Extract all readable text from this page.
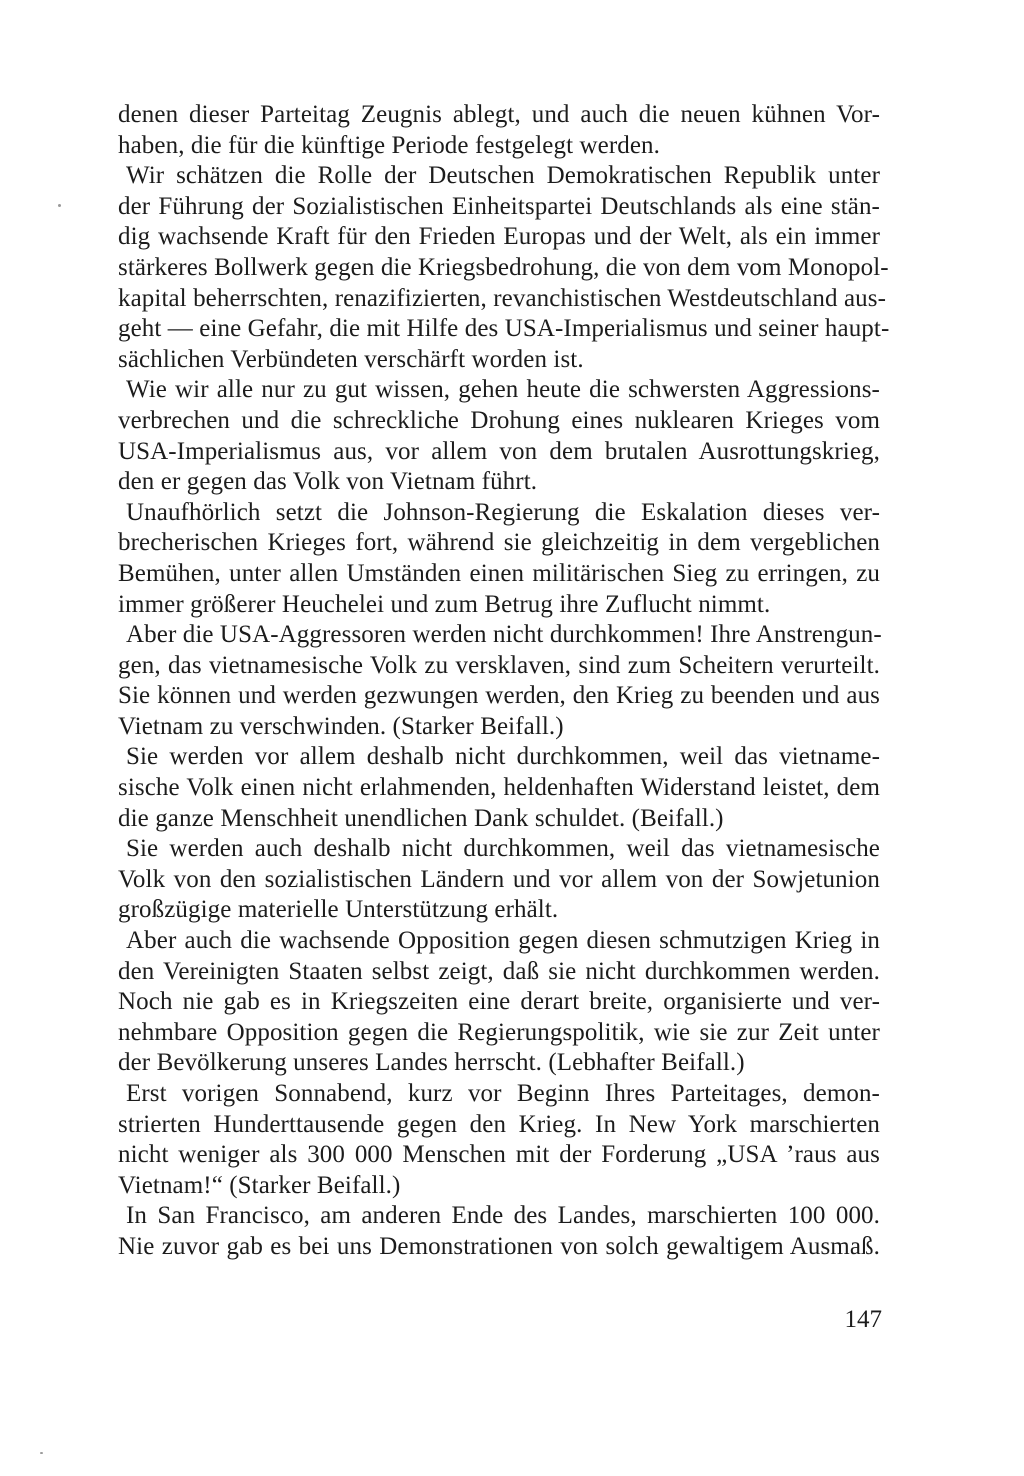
denen dieser Parteitag Zeugnis ablegt, und auch die neuen kühnen Vor-
haben, die für die künftige Periode festgelegt werden.
Wir schätzen die Rolle der Deutschen Demokratischen Republik unter
der Führung der Sozialistischen Einheitspartei Deutschlands als eine stän-
dig wachsende Kraft für den Frieden Europas und der Welt, als ein immer
stärkeres Bollwerk gegen die Kriegsbedrohung, die von dem vom Monopol-
kapital beherrschten, renazifizierten, revanchistischen Westdeutschland aus-
geht — eine Gefahr, die mit Hilfe des USA-Imperialismus und seiner haupt-
sächlichen Verbündeten verschärft worden ist.
Wie wir alle nur zu gut wissen, gehen heute die schwersten Aggressions-
verbrechen und die schreckliche Drohung eines nuklearen Krieges vom
USA-Imperialismus aus, vor allem von dem brutalen Ausrottungskrieg,
den er gegen das Volk von Vietnam führt.
Unaufhörlich setzt die Johnson-Regierung die Eskalation dieses ver-
brecherischen Krieges fort, während sie gleichzeitig in dem vergeblichen
Bemühen, unter allen Umständen einen militärischen Sieg zu erringen, zu
immer größerer Heuchelei und zum Betrug ihre Zuflucht nimmt.
Aber die USA-Aggressoren werden nicht durchkommen! Ihre Anstrengun-
gen, das vietnamesische Volk zu versklaven, sind zum Scheitern verurteilt.
Sie können und werden gezwungen werden, den Krieg zu beenden und aus
Vietnam zu verschwinden. (Starker Beifall.)
Sie werden vor allem deshalb nicht durchkommen, weil das vietname-
sische Volk einen nicht erlahmenden, heldenhaften Widerstand leistet, dem
die ganze Menschheit unendlichen Dank schuldet. (Beifall.)
Sie werden auch deshalb nicht durchkommen, weil das vietnamesische
Volk von den sozialistischen Ländern und vor allem von der Sowjetunion
großzügige materielle Unterstützung erhält.
Aber auch die wachsende Opposition gegen diesen schmutzigen Krieg in
den Vereinigten Staaten selbst zeigt, daß sie nicht durchkommen werden.
Noch nie gab es in Kriegszeiten eine derart breite, organisierte und ver-
nehmbare Opposition gegen die Regierungspolitik, wie sie zur Zeit unter
der Bevölkerung unseres Landes herrscht. (Lebhafter Beifall.)
Erst vorigen Sonnabend, kurz vor Beginn Ihres Parteitages, demon-
strierten Hunderttausende gegen den Krieg. In New York marschierten
nicht weniger als 300 000 Menschen mit der Forderung „USA ’raus aus
Vietnam!“ (Starker Beifall.)
In San Francisco, am anderen Ende des Landes, marschierten 100 000.
Nie zuvor gab es bei uns Demonstrationen von solch gewaltigem Ausmaß.
147
